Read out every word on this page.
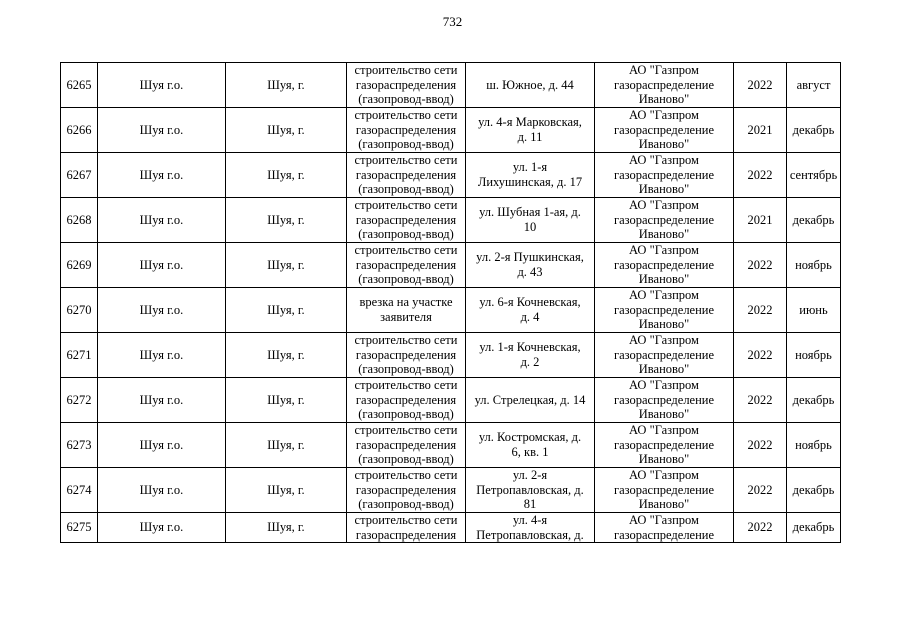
732
6265	Шуя г.о.	Шуя, г.	строительство сети
газораспределения
(газопровод-ввод)	ш. Южное, д. 44	АО "Газпром
газораспределение
Иваново"	2022	август
6266	Шуя г.о.	Шуя, г.	строительство сети
газораспределения
(газопровод-ввод)	ул. 4-я Марковская,
д. 11	АО "Газпром
газораспределение
Иваново"	2021	декабрь
6267	Шуя г.о.	Шуя, г.	строительство сети
газораспределения
(газопровод-ввод)	ул. 1-я
Лихушинская, д. 17	АО "Газпром
газораспределение
Иваново"	2022	сентябрь
6268	Шуя г.о.	Шуя, г.	строительство сети
газораспределения
(газопровод-ввод)	ул. Шубная 1-ая, д.
10	АО "Газпром
газораспределение
Иваново"	2021	декабрь
6269	Шуя г.о.	Шуя, г.	строительство сети
газораспределения
(газопровод-ввод)	ул. 2-я Пушкинская,
д. 43	АО "Газпром
газораспределение
Иваново"	2022	ноябрь
6270	Шуя г.о.	Шуя, г.	врезка на участке
заявителя	ул. 6-я Кочневская,
д. 4	АО "Газпром
газораспределение
Иваново"	2022	июнь
6271	Шуя г.о.	Шуя, г.	строительство сети
газораспределения
(газопровод-ввод)	ул. 1-я Кочневская,
д. 2	АО "Газпром
газораспределение
Иваново"	2022	ноябрь
6272	Шуя г.о.	Шуя, г.	строительство сети
газораспределения
(газопровод-ввод)	ул. Стрелецкая, д. 14	АО "Газпром
газораспределение
Иваново"	2022	декабрь
6273	Шуя г.о.	Шуя, г.	строительство сети
газораспределения
(газопровод-ввод)	ул. Костромская, д.
6, кв. 1	АО "Газпром
газораспределение
Иваново"	2022	ноябрь
6274	Шуя г.о.	Шуя, г.	строительство сети
газораспределения
(газопровод-ввод)	ул. 2-я
Петропавловская, д.
81	АО "Газпром
газораспределение
Иваново"	2022	декабрь
6275	Шуя г.о.	Шуя, г.	строительство сети
газораспределения	ул. 4-я
Петропавловская, д.	АО "Газпром
газораспределение	2022	декабрь
